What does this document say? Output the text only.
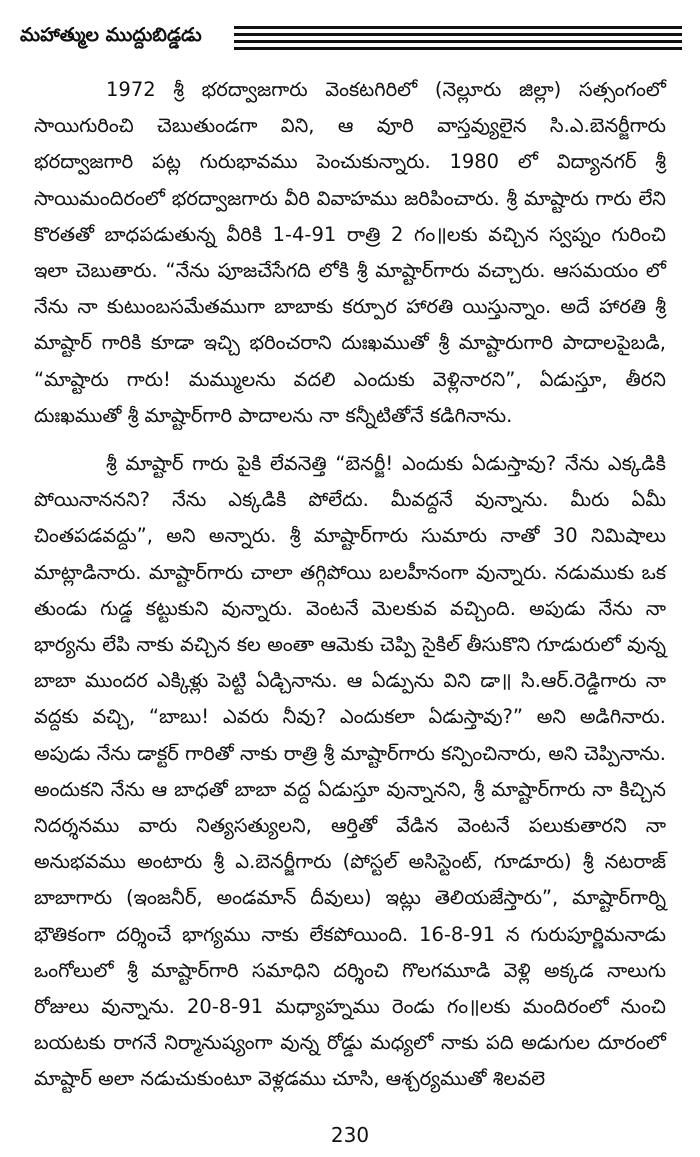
మహాత్ముల ముద్దుబిడ్డడు

1972 శ్రీ భరద్వాజగారు వెంకటగిరిలో (నెల్లూరు జిల్లా) సత్సంగంలో సాయిగురించి చెబుతుండగా విని, ఆ వూరి వాస్తవ్యులైన సి.ఎ.బెనర్జీగారు భరద్వాజగారి పట్ల గురుభావము పెంచుకున్నారు. 1980 లో విద్యానగర్ శ్రీ సాయిమందిరంలో భరద్వాజగారు వీరి వివాహము జరిపించారు. శ్రీ మాష్టారు గారు లేని కొరతతో బాధపడుతున్న వీరికి 1-4-91 రాత్రి 2 గం॥లకు వచ్చిన స్వప్నం గురించి ఇలా చెబుతారు. “నేను పూజచేసేగది లోకి శ్రీ మాష్టార్‌గారు వచ్చారు. ఆసమయం లో నేను నా కుటుంబసమేతముగా బాబాకు కర్పూర హారతి యిస్తున్నాం. అదే హారతి శ్రీ మాష్టార్ గారికి కూడా ఇచ్చి భరించరాని దుఃఖముతో శ్రీ మాష్టారుగారి పాదాలపైబడి, “మాష్టారు గారు! మమ్ములను వదలి ఎందుకు వెళ్లినారని”, ఏడుస్తూ, తీరని దుఃఖముతో శ్రీ మాష్టార్‌గారి పాదాలను నా కన్నీటితోనే కడిగినాను.

శ్రీ మాష్టార్ గారు పైకి లేవనెత్తి “బెనర్జీ! ఎందుకు ఏడుస్తావు? నేను ఎక్కడికి పోయినాననని? నేను ఎక్కడికి పోలేదు. మీవద్దనే వున్నాను. మీరు ఏమీ చింతపడవద్దు”, అని అన్నారు. శ్రీ మాష్టార్‌గారు సుమారు నాతో 30 నిమిషాలు మాట్లాడినారు. మాష్టార్‌గారు చాలా తగ్గిపోయి బలహీనంగా వున్నారు. నడుముకు ఒక తుండు గుడ్డ కట్టుకుని వున్నారు. వెంటనే మెలకువ వచ్చింది. అపుడు నేను నా భార్యను లేపి నాకు వచ్చిన కల అంతా ఆమెకు చెప్పి సైకిల్ తీసుకొని గూడురులో వున్న బాబా ముందర ఎక్కిళ్లు పెట్టి ఏడ్చినాను. ఆ ఏడ్పును విని డా॥ సి.ఆర్.రెడ్డిగారు నా వద్దకు వచ్చి, “బాబు! ఎవరు నీవు? ఎందుకలా ఏడుస్తావు?” అని అడిగినారు. అపుడు నేను డాక్టర్ గారితో నాకు రాత్రి శ్రీ మాష్టార్‌గారు కన్పించినారు, అని చెప్పినాను. అందుకని నేను ఆ బాధతో బాబా వద్ద ఏడుస్తూ వున్నానని, శ్రీ మాష్టార్‌గారు నా కిచ్చిన నిదర్శనము వారు నిత్యసత్యులని, ఆర్తితో వేడిన వెంటనే పలుకుతారని నా అనుభవము అంటారు శ్రీ ఎ.బెనర్జీగారు (పోస్టల్ అసిస్టెంట్, గూడూరు) శ్రీ నటరాజ్ బాబాగారు (ఇంజనీర్, అండమాన్ దీవులు) ఇట్లు తెలియజేస్తారు”, మాష్టార్‌గార్ని భౌతికంగా దర్శించే భాగ్యము నాకు లేకపోయింది. 16-8-91 న గురుపూర్ణిమనాడు ఒంగోలులో శ్రీ మాష్టార్‌గారి సమాధిని దర్శించి గొలగమూడి వెళ్లి అక్కడ నాలుగు రోజులు వున్నాను. 20-8-91 మధ్యాహ్నము రెండు గం॥లకు మందిరంలో నుంచి బయటకు రాగనే నిర్మానుష్యంగా వున్న రోడ్డు మధ్యలో నాకు పది అడుగుల దూరంలో మాష్టార్ అలా నడుచుకుంటూ వెళ్లడము చూసి, ఆశ్చర్యముతో శిలవలె

230
